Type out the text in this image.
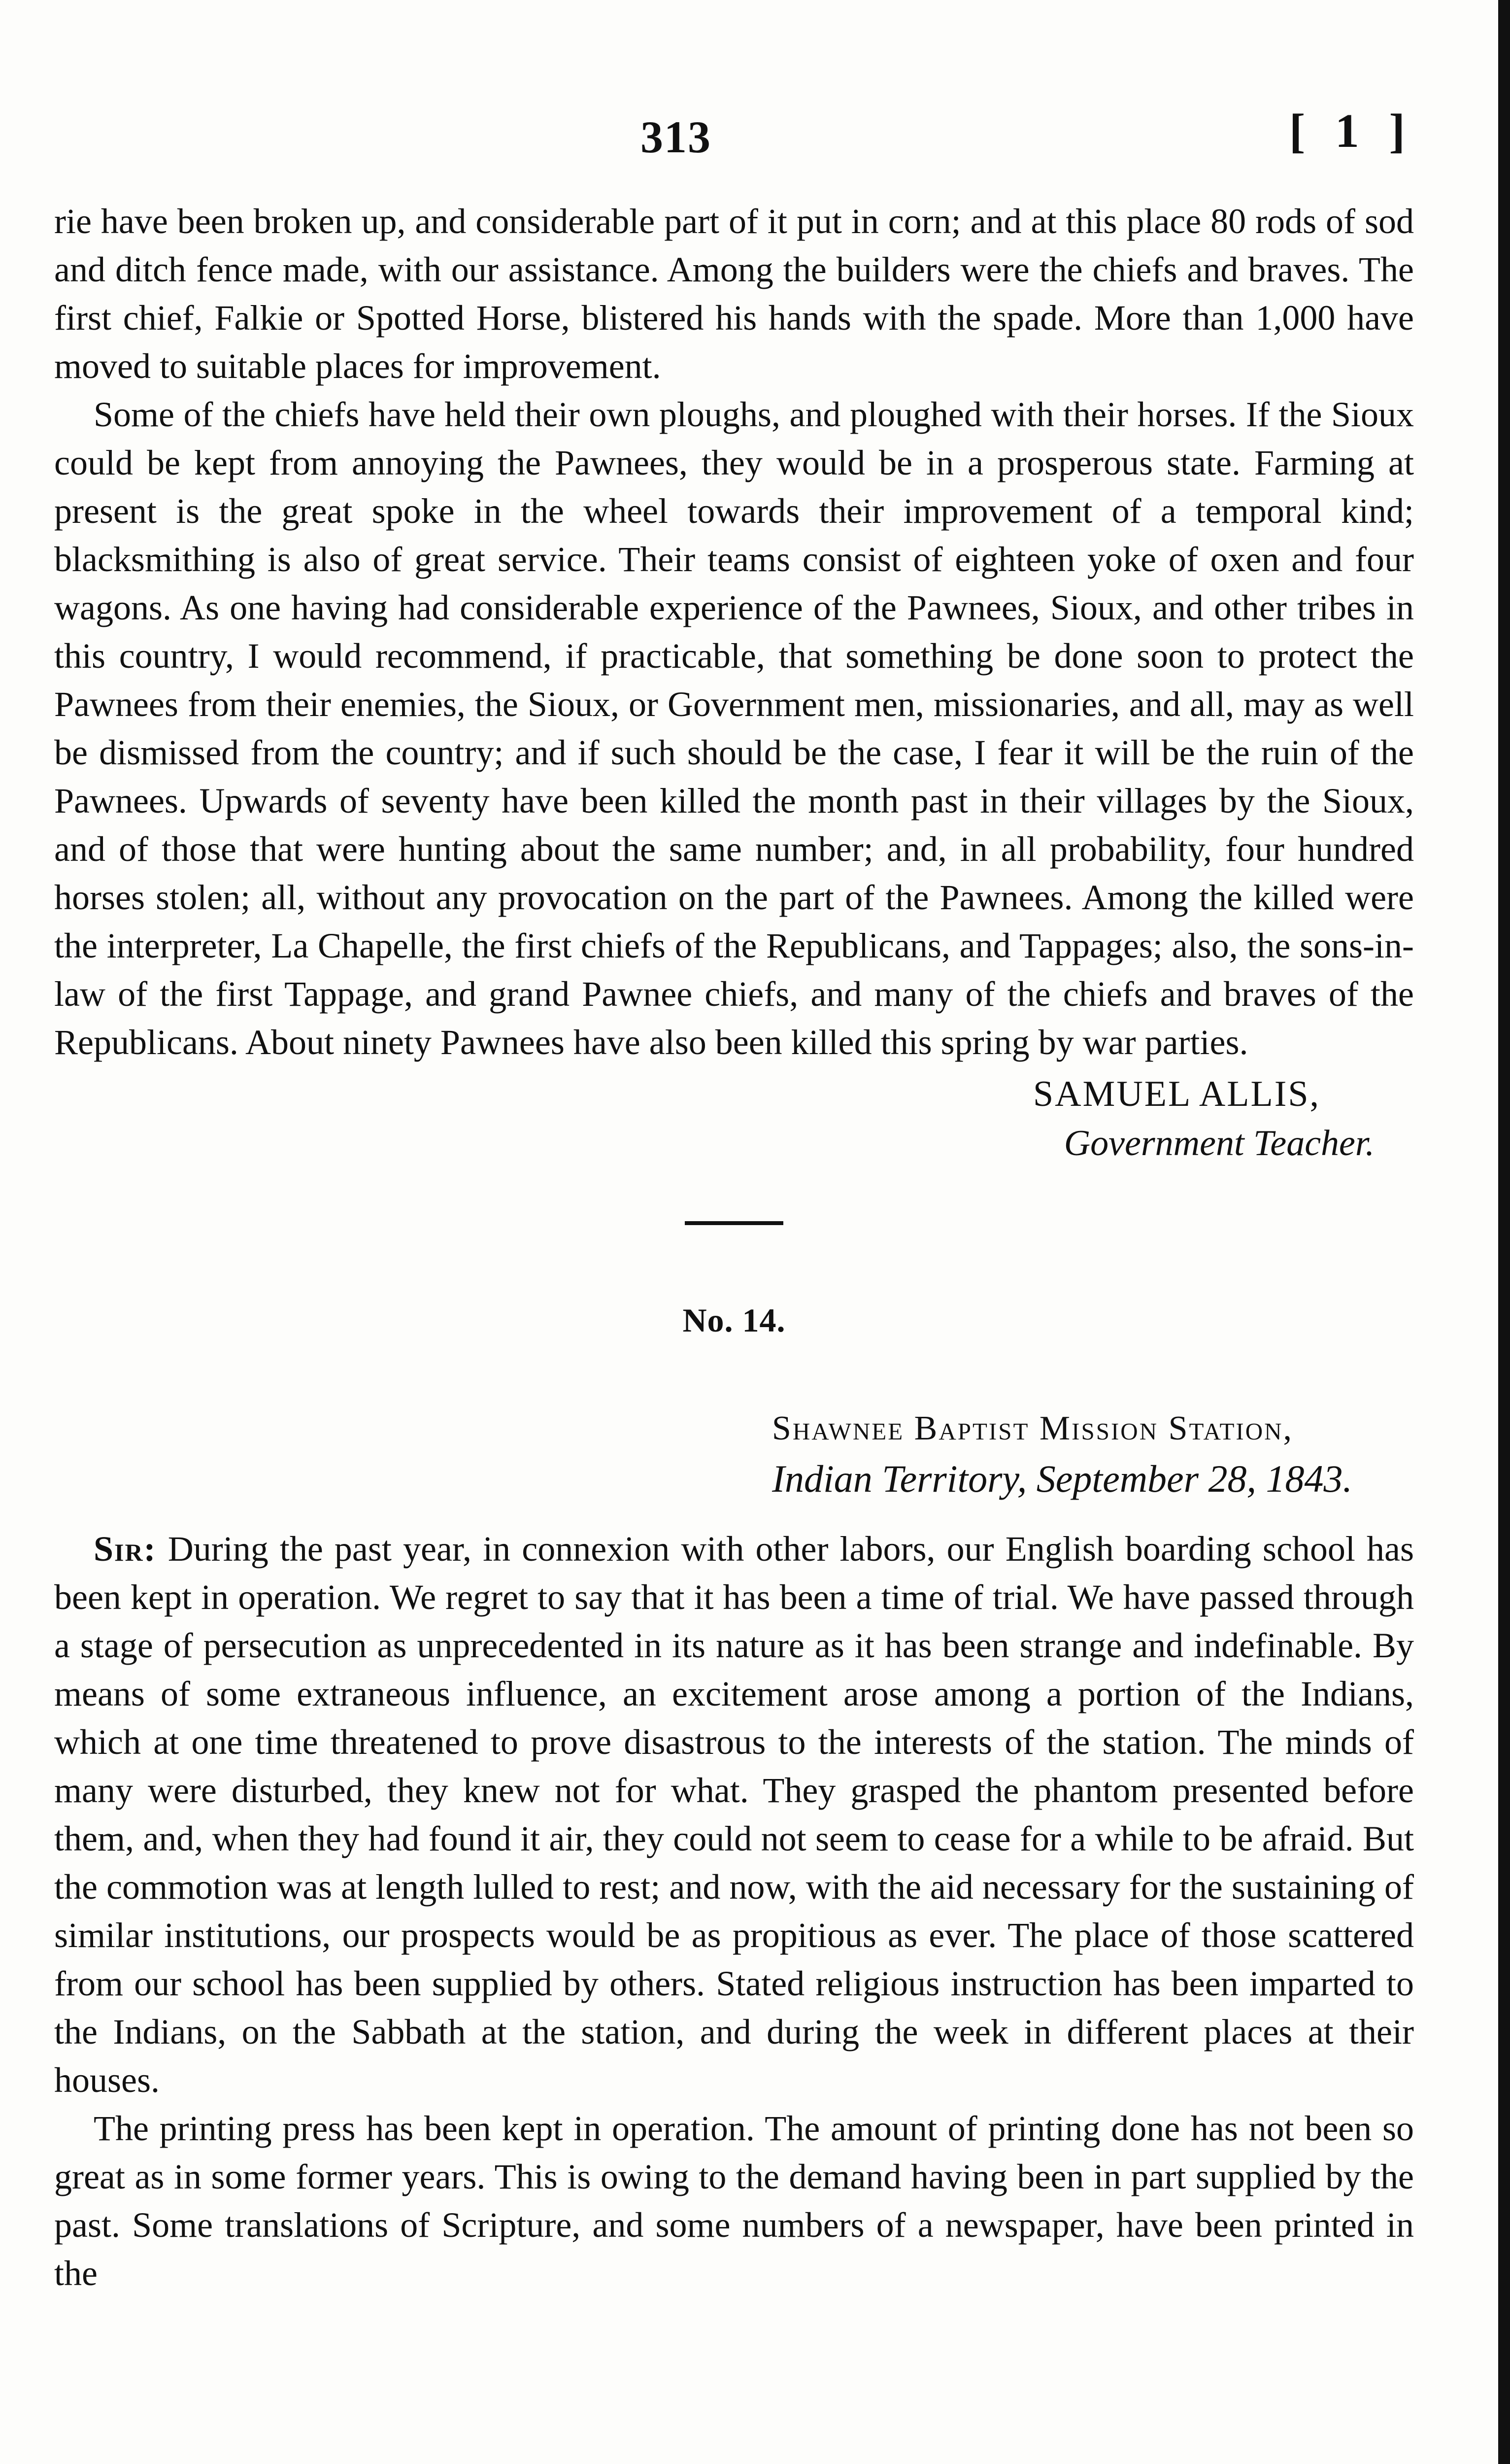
313	[ 1 ]

rie have been broken up, and considerable part of it put in corn; and at this place 80 rods of sod and ditch fence made, with our assistance. Among the builders were the chiefs and braves. The first chief, Falkie or Spotted Horse, blistered his hands with the spade. More than 1,000 have moved to suitable places for improvement.

Some of the chiefs have held their own ploughs, and ploughed with their horses. If the Sioux could be kept from annoying the Pawnees, they would be in a prosperous state. Farming at present is the great spoke in the wheel towards their improvement of a temporal kind; blacksmithing is also of great service. Their teams consist of eighteen yoke of oxen and four wagons. As one having had considerable experience of the Pawnees, Sioux, and other tribes in this country, I would recommend, if practicable, that something be done soon to protect the Pawnees from their enemies, the Sioux, or Government men, missionaries, and all, may as well be dismissed from the country; and if such should be the case, I fear it will be the ruin of the Pawnees. Upwards of seventy have been killed the month past in their villages by the Sioux, and of those that were hunting about the same number; and, in all probability, four hundred horses stolen; all, without any provocation on the part of the Pawnees. Among the killed were the interpreter, La Chapelle, the first chiefs of the Republicans, and Tappages; also, the sons-in-law of the first Tappage, and grand Pawnee chiefs, and many of the chiefs and braves of the Republicans. About ninety Pawnees have also been killed this spring by war parties.

SAMUEL ALLIS,
Government Teacher.
No. 14.
Shawnee Baptist Mission Station,
Indian Territory, September 28, 1843.

Sir: During the past year, in connexion with other labors, our English boarding school has been kept in operation. We regret to say that it has been a time of trial. We have passed through a stage of persecution as unprecedented in its nature as it has been strange and indefinable. By means of some extraneous influence, an excitement arose among a portion of the Indians, which at one time threatened to prove disastrous to the interests of the station. The minds of many were disturbed, they knew not for what. They grasped the phantom presented before them, and, when they had found it air, they could not seem to cease for a while to be afraid. But the commotion was at length lulled to rest; and now, with the aid necessary for the sustaining of similar institutions, our prospects would be as propitious as ever. The place of those scattered from our school has been supplied by others. Stated religious instruction has been imparted to the Indians, on the Sabbath at the station, and during the week in different places at their houses.

The printing press has been kept in operation. The amount of printing done has not been so great as in some former years. This is owing to the demand having been in part supplied by the past. Some translations of Scripture, and some numbers of a newspaper, have been printed in the
